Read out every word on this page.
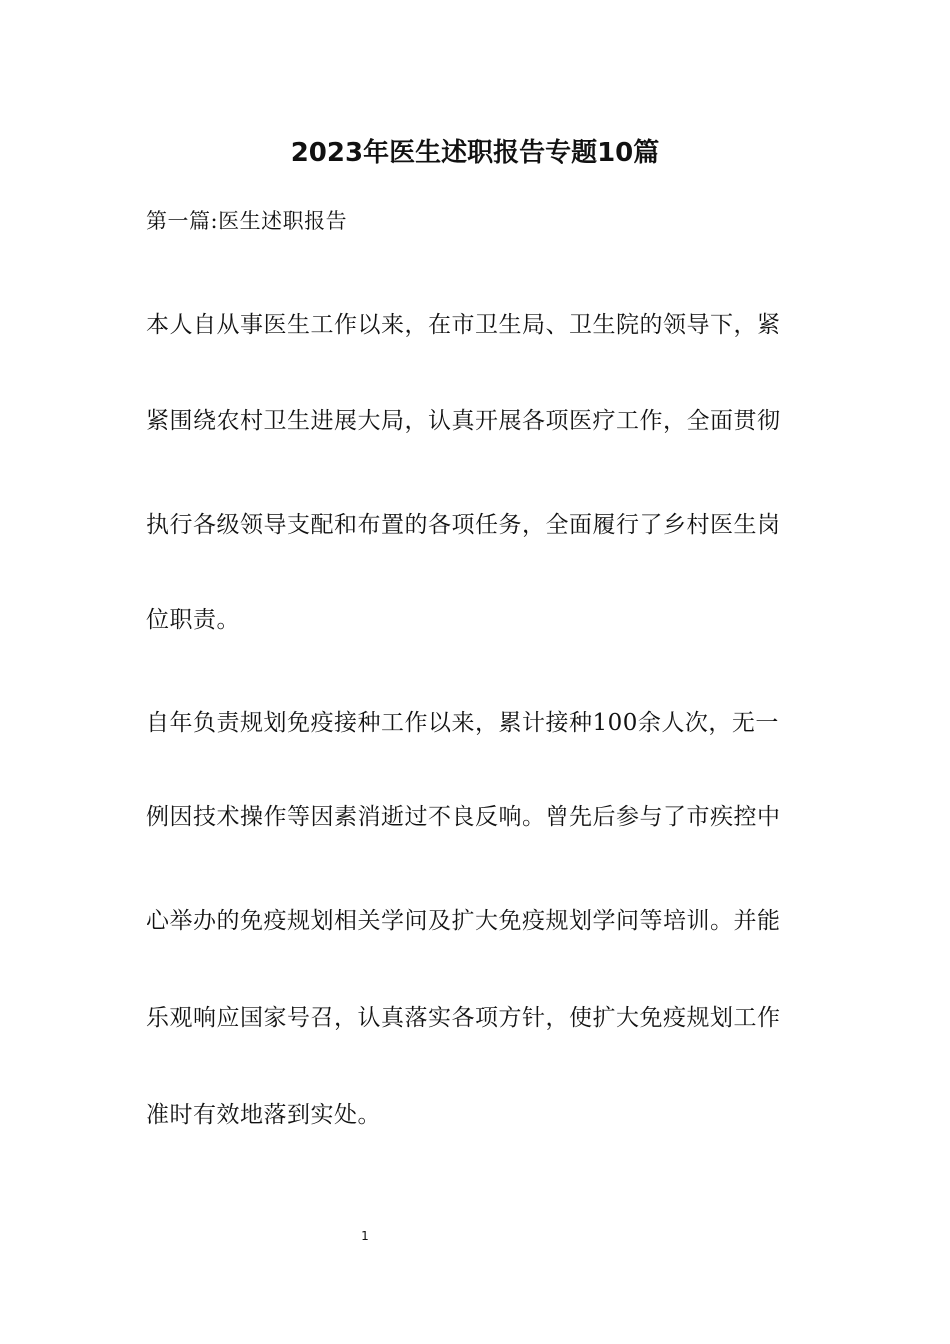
2023年医生述职报告专题10篇
第一篇:医生述职报告
本人自从事医生工作以来，在市卫生局、卫生院的领导下，紧
紧围绕农村卫生进展大局，认真开展各项医疗工作，全面贯彻
执行各级领导支配和布置的各项任务，全面履行了乡村医生岗
位职责。
自年负责规划免疫接种工作以来，累计接种100余人次，无一
例因技术操作等因素消逝过不良反响。曾先后参与了市疾控中
心举办的免疫规划相关学问及扩大免疫规划学问等培训。并能
乐观响应国家号召，认真落实各项方针，使扩大免疫规划工作
准时有效地落到实处。
1
